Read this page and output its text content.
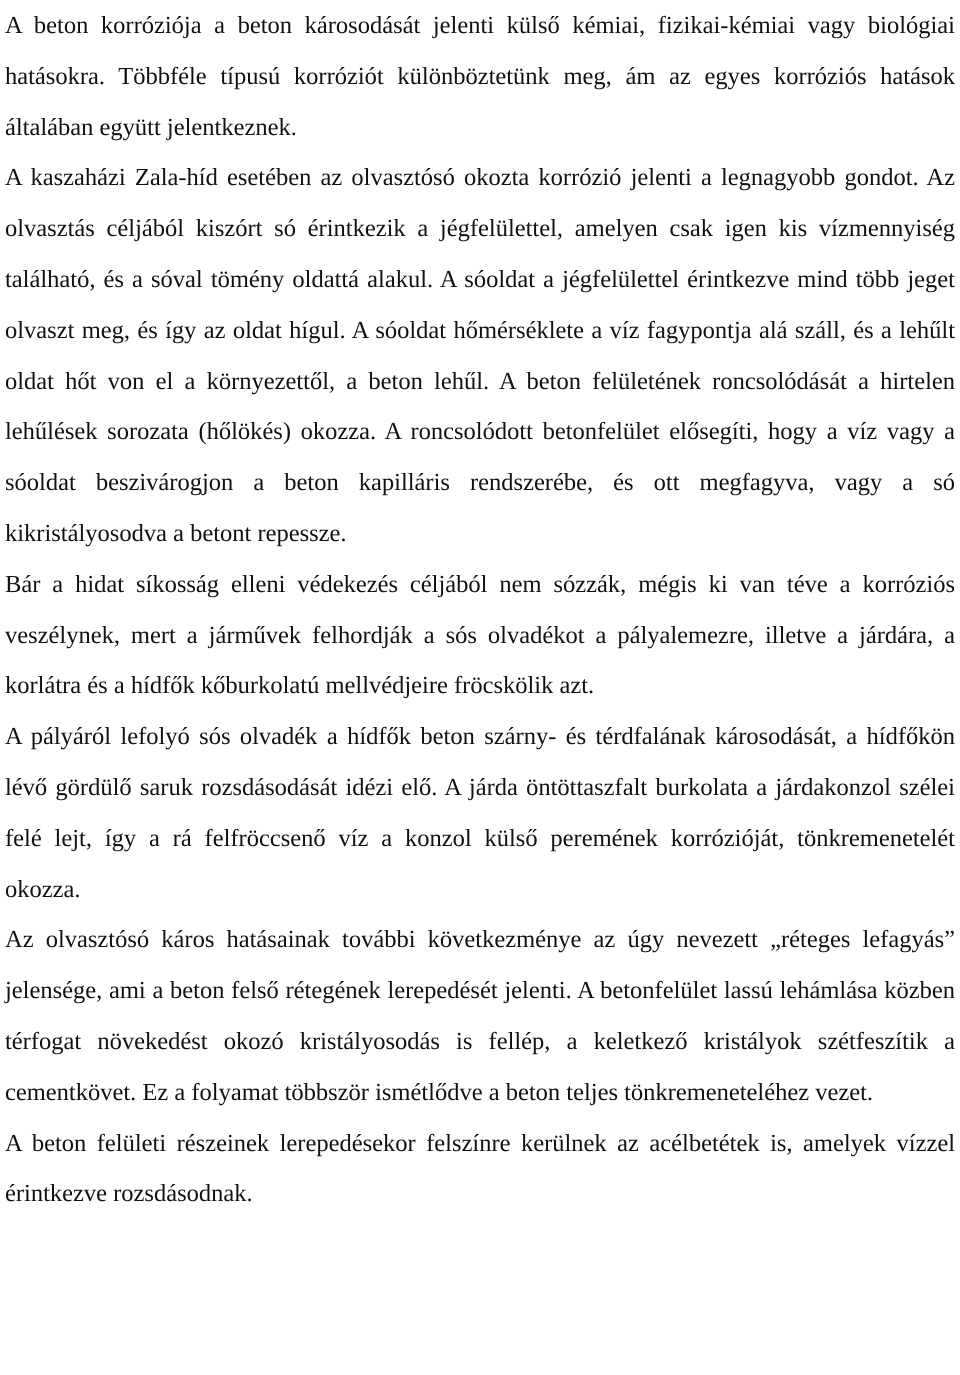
A beton korróziója a beton károsodását jelenti külső kémiai, fizikai-kémiai vagy biológiai hatásokra. Többféle típusú korróziót különböztetünk meg, ám az egyes korróziós hatások általában együtt jelentkeznek.

A kaszaházi Zala-híd esetében az olvasztósó okozta korrózió jelenti a legnagyobb gondot. Az olvasztás céljából kiszórt só érintkezik a jégfelülettel, amelyen csak igen kis vízmennyiség található, és a sóval tömény oldattá alakul. A sóoldat a jégfelülettel érintkezve mind több jeget olvaszt meg, és így az oldat hígul. A sóoldat hőmérséklete a víz fagypontja alá száll, és a lehűlt oldat hőt von el a környezettől, a beton lehűl. A beton felületének roncsolódását a hirtelen lehűlések sorozata (hőlökés) okozza. A roncsolódott betonfelület elősegíti, hogy a víz vagy a sóoldat beszivárogjon a beton kapilláris rendszerébe, és ott megfagyva, vagy a só kikristályosodva a betont repessze.

Bár a hidat síkosság elleni védekezés céljából nem sózzák, mégis ki van téve a korróziós veszélynek, mert a járművek felhordják a sós olvadékot a pályalemezre, illetve a járdára, a korlátra és a hídfők kőburkolatú mellvédjeire fröcskölik azt.

A pályáról lefolyó sós olvadék a hídfők beton szárny- és térdfalának károsodását, a hídfőkön lévő gördülő saruk rozsdásodását idézi elő. A járda öntöttaszfalt burkolata a járdakonzol szélei felé lejt, így a rá felfröccsenő víz a konzol külső peremének korrózióját, tönkremenetelét okozza.

Az olvasztósó káros hatásainak további következménye az úgy nevezett „réteges lefagyás” jelensége, ami a beton felső rétegének lerepedését jelenti. A betonfelület lassú lehámlása közben térfogat növekedést okozó kristályosodás is fellép, a keletkező kristályok szétfeszítik a cementkövet. Ez a folyamat többször ismétlődve a beton teljes tönkremeneteléhez vezet.

A beton felületi részeinek lerepedésekor felszínre kerülnek az acélbetétek is, amelyek vízzel érintkezve rozsdásodnak.
